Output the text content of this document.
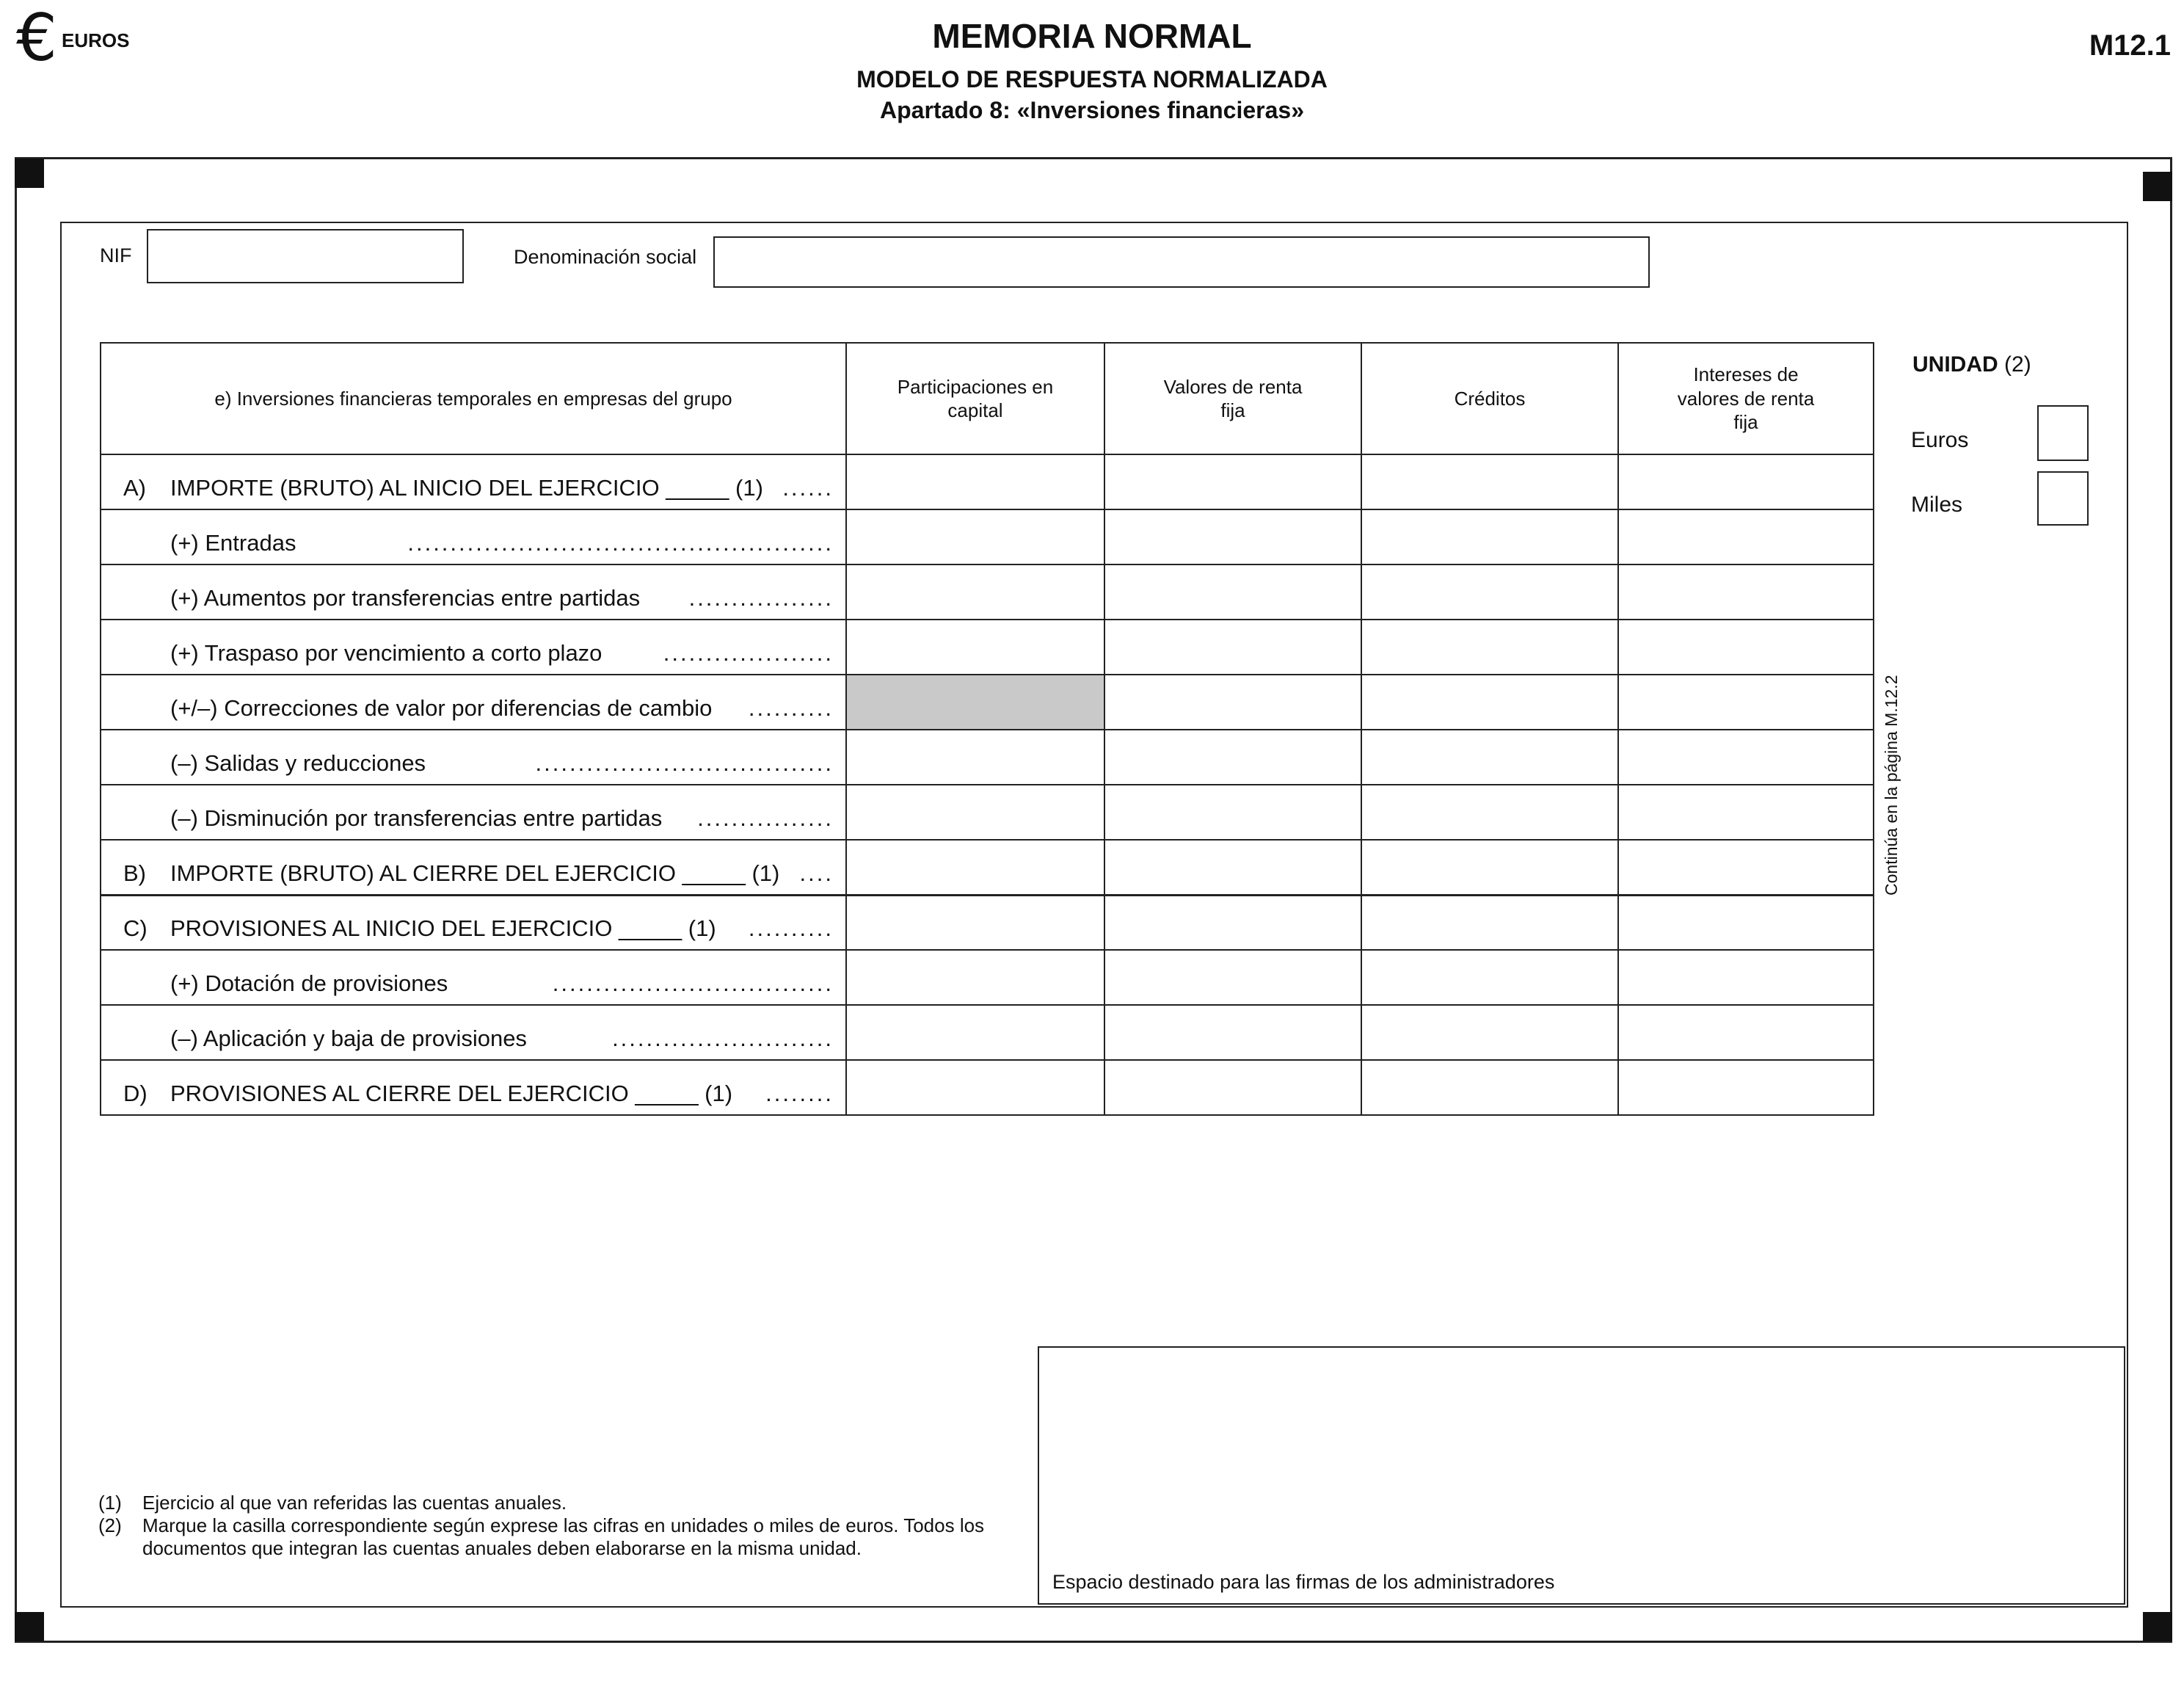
€ EUROS	MEMORIA NORMAL
MODELO DE RESPUESTA NORMALIZADA
Apartado 8: «Inversiones financieras»
M12.1
NIF	Denominación social
e) Inversiones financieras temporales en empresas del grupo	Participaciones en capital	Valores de renta fija	Créditos	Intereses de valores de renta fija

A) IMPORTE (BRUTO) AL INICIO DEL EJERCICIO _____ (1) ......				

(+) Entradas ..................................................				

(+) Aumentos por transferencias entre partidas .................				

(+) Traspaso por vencimiento a corto plazo ....................				

(+/–) Correcciones de valor por diferencias de cambio ..........				

(–) Salidas y reducciones ...................................				

(–) Disminución por transferencias entre partidas ................				

B) IMPORTE (BRUTO) AL CIERRE DEL EJERCICIO _____ (1) ....				

C) PROVISIONES AL INICIO DEL EJERCICIO _____ (1) ..........				

(+) Dotación de provisiones .................................				

(–) Aplicación y baja de provisiones ..........................				

D) PROVISIONES AL CIERRE DEL EJERCICIO _____ (1) ........				

Continúa en la página M.12.2
UNIDAD (2)
Euros
Miles
(1)	Ejercicio al que van referidas las cuentas anuales.
(2)	Marque la casilla correspondiente según exprese las cifras en unidades o miles de euros. Todos los documentos que integran las cuentas anuales deben elaborarse en la misma unidad.
Espacio destinado para las firmas de los administradores
